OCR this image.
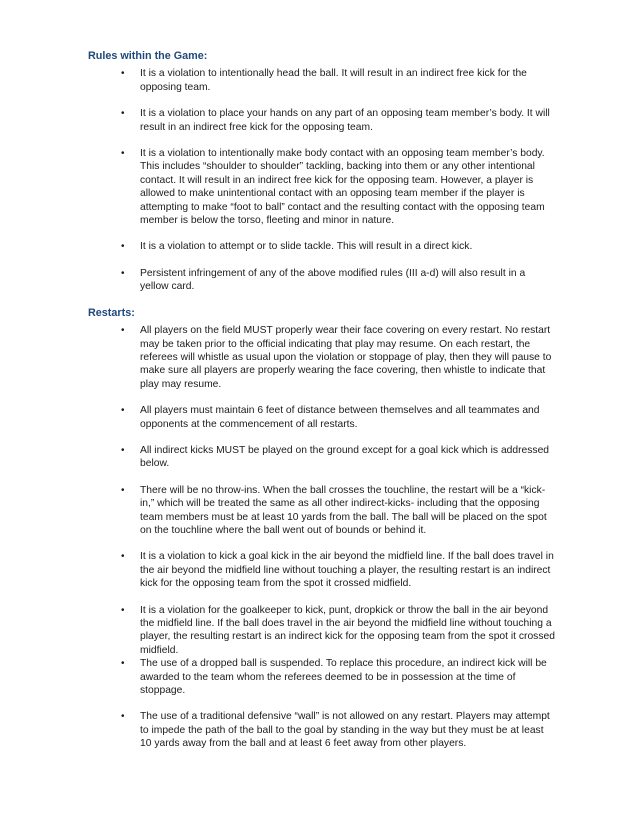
Rules within the Game:
•	It is a violation to intentionally head the ball. It will result in an indirect free kick for the opposing team.
•	It is a violation to place your hands on any part of an opposing team member’s body. It will result in an indirect free kick for the opposing team.
•	It is a violation to intentionally make body contact with an opposing team member’s body. This includes “shoulder to shoulder” tackling, backing into them or any other intentional contact. It will result in an indirect free kick for the opposing team. However, a player is allowed to make unintentional contact with an opposing team member if the player is attempting to make “foot to ball” contact and the resulting contact with the opposing team member is below the torso, fleeting and minor in nature.
•	It is a violation to attempt or to slide tackle. This will result in a direct kick.
•	Persistent infringement of any of the above modified rules (III a-d) will also result in a yellow card.
Restarts:
•	All players on the field MUST properly wear their face covering on every restart. No restart may be taken prior to the official indicating that play may resume. On each restart, the referees will whistle as usual upon the violation or stoppage of play, then they will pause to make sure all players are properly wearing the face covering, then whistle to indicate that play may resume.
•	All players must maintain 6 feet of distance between themselves and all teammates and opponents at the commencement of all restarts.
•	All indirect kicks MUST be played on the ground except for a goal kick which is addressed below.
•	There will be no throw-ins. When the ball crosses the touchline, the restart will be a “kick-in,” which will be treated the same as all other indirect-kicks- including that the opposing team members must be at least 10 yards from the ball. The ball will be placed on the spot on the touchline where the ball went out of bounds or behind it.
•	It is a violation to kick a goal kick in the air beyond the midfield line. If the ball does travel in the air beyond the midfield line without touching a player, the resulting restart is an indirect kick for the opposing team from the spot it crossed midfield.
•	It is a violation for the goalkeeper to kick, punt, dropkick or throw the ball in the air beyond the midfield line. If the ball does travel in the air beyond the midfield line without touching a player, the resulting restart is an indirect kick for the opposing team from the spot it crossed midfield.
•	The use of a dropped ball is suspended. To replace this procedure, an indirect kick will be awarded to the team whom the referees deemed to be in possession at the time of stoppage.
•	The use of a traditional defensive “wall” is not allowed on any restart. Players may attempt to impede the path of the ball to the goal by standing in the way but they must be at least 10 yards away from the ball and at least 6 feet away from other players.
